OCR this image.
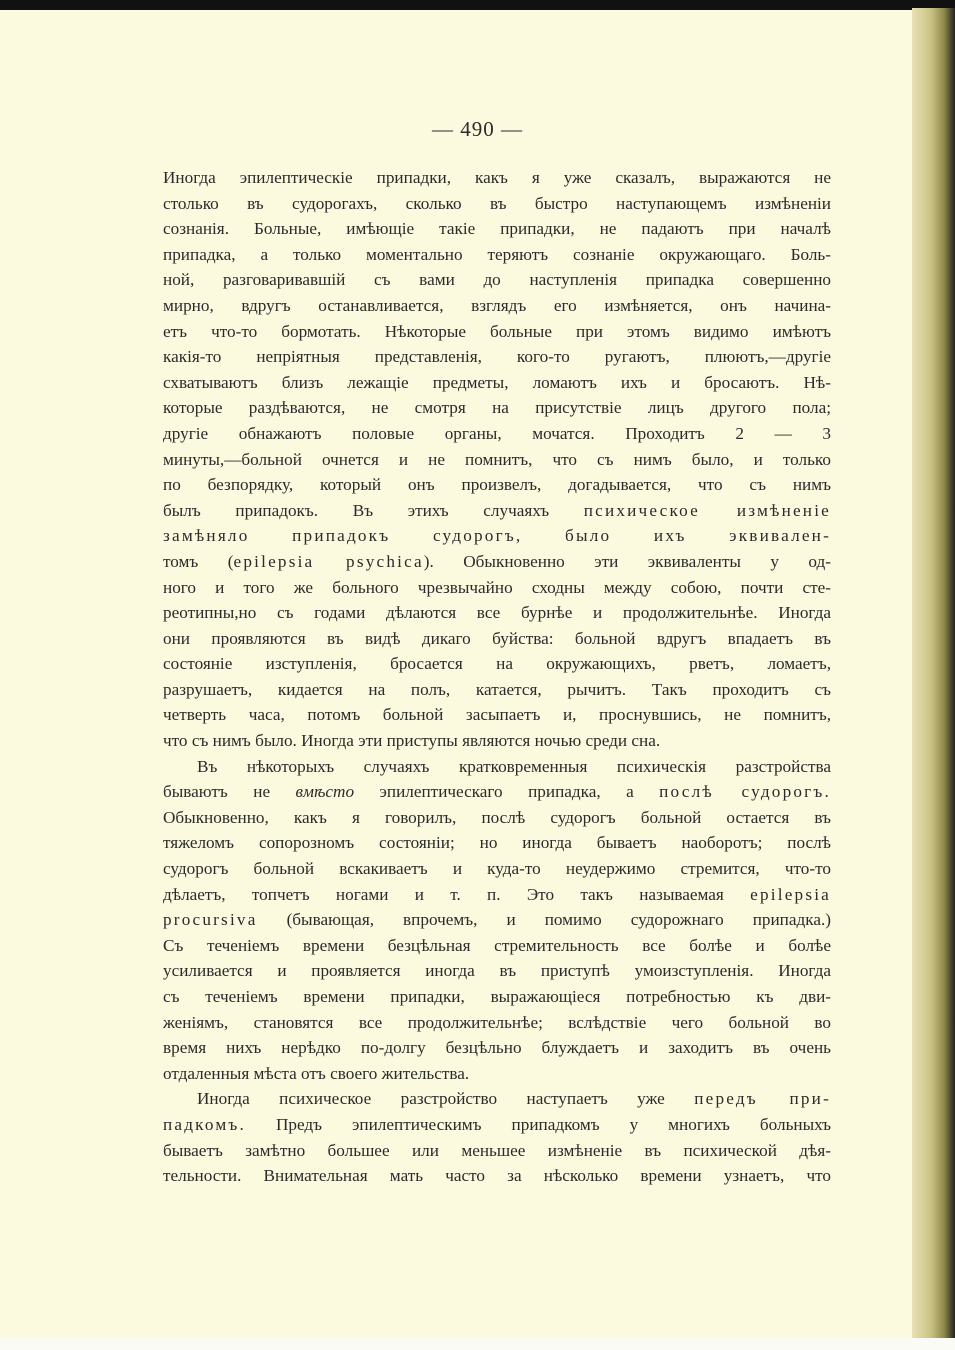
— 490 —
Иногда эпилептическіе припадки, какъ я уже сказалъ, выражаются не
столько въ судорогахъ, сколько въ быстро наступающемъ измѣненіи
сознанія. Больные, имѣющіе такіе припадки, не падаютъ при началѣ
припадка, а только моментально теряютъ сознаніе окружающаго. Боль-
ной, разговаривавшій съ вами до наступленія припадка совершенно
мирно, вдругъ останавливается, взглядъ его измѣняется, онъ начина-
етъ что-то бормотать. Нѣкоторые больные при этомъ видимо имѣютъ
какія-то непріятныя представленія, кого-то ругаютъ, плюютъ,—другіе
схватываютъ близъ лежащіе предметы, ломаютъ ихъ и бросаютъ. Нѣ-
которые раздѣваются, не смотря на присутствіе лицъ другого пола;
другіе обнажаютъ половые органы, мочатся. Проходитъ 2 — 3
минуты,—больной очнется и не помнитъ, что съ нимъ было, и только
по безпорядку, который онъ произвелъ, догадывается, что съ нимъ
былъ припадокъ. Въ этихъ случаяхъ психическое измѣненіе
замѣняло припадокъ судорогъ, было ихъ эквивален-
томъ (epilepsia psychica). Обыкновенно эти эквиваленты у од-
ного и того же больного чрезвычайно сходны между собою, почти сте-
реотипны,но съ годами дѣлаются все бурнѣе и продолжительнѣе. Иногда
они проявляются въ видѣ дикаго буйства: больной вдругъ впадаетъ въ
состояніе изступленія, бросается на окружающихъ, рветъ, ломаетъ,
разрушаетъ, кидается на полъ, катается, рычитъ. Такъ проходитъ съ
четверть часа, потомъ больной засыпаетъ и, проснувшись, не помнитъ,
что съ нимъ было. Иногда эти приступы являются ночью среди сна.
Въ нѣкоторыхъ случаяхъ кратковременныя психическія разстройства
бываютъ не вмѣсто эпилептическаго припадка, а послѣ судорогъ.
Обыкновенно, какъ я говорилъ, послѣ судорогъ больной остается въ
тяжеломъ сопорозномъ состояніи; но иногда бываетъ наоборотъ; послѣ
судорогъ больной вскакиваетъ и куда-то неудержимо стремится, что-то
дѣлаетъ, топчетъ ногами и т. п. Это такъ называемая epilepsia
procursiva (бывающая, впрочемъ, и помимо судорожнаго припадка.)
Съ теченіемъ времени безцѣльная стремительность все болѣе и болѣе
усиливается и проявляется иногда въ приступѣ умоизступленія. Иногда
съ теченіемъ времени припадки, выражающіеся потребностью къ дви-
женіямъ, становятся все продолжительнѣе; вслѣдствіе чего больной во
время нихъ нерѣдко по-долгу безцѣльно блуждаетъ и заходитъ въ очень
отдаленныя мѣста отъ своего жительства.
Иногда психическое разстройство наступаетъ уже передъ при-
падкомъ. Предъ эпилептическимъ припадкомъ у многихъ больныхъ
бываетъ замѣтно большее или меньшее измѣненіе въ психической дѣя-
тельности. Внимательная мать часто за нѣсколько времени узнаетъ, что
